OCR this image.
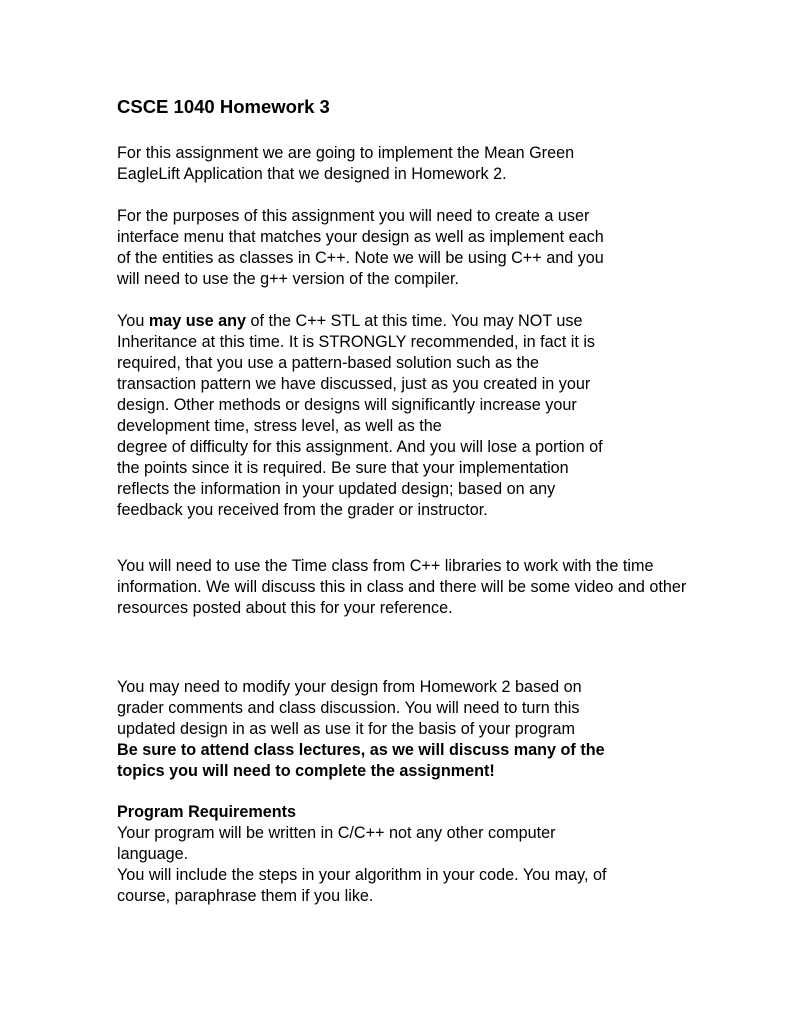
CSCE 1040 Homework 3
For this assignment we are going to implement the Mean Green
EagleLift Application that we designed in Homework 2.
For the purposes of this assignment you will need to create a user
interface menu that matches your design as well as implement each
of the entities as classes in C++. Note we will be using C++ and you
will need to use the g++ version of the compiler.
You may use any of the C++ STL at this time. You may NOT use
Inheritance at this time. It is STRONGLY recommended, in fact it is
required, that you use a pattern-based solution such as the
transaction pattern we have discussed, just as you created in your
design. Other methods or designs will significantly increase your
development time, stress level, as well as the
degree of difficulty for this assignment. And you will lose a portion of
the points since it is required. Be sure that your implementation
reflects the information in your updated design; based on any
feedback you received from the grader or instructor.
You will need to use the Time class from C++ libraries to work with the time
information. We will discuss this in class and there will be some video and other
resources posted about this for your reference.
You may need to modify your design from Homework 2 based on
grader comments and class discussion. You will need to turn this
updated design in as well as use it for the basis of your program
Be sure to attend class lectures, as we will discuss many of the
topics you will need to complete the assignment!
Program Requirements
Your program will be written in C/C++ not any other computer
language.
You will include the steps in your algorithm in your code. You may, of
course, paraphrase them if you like.
